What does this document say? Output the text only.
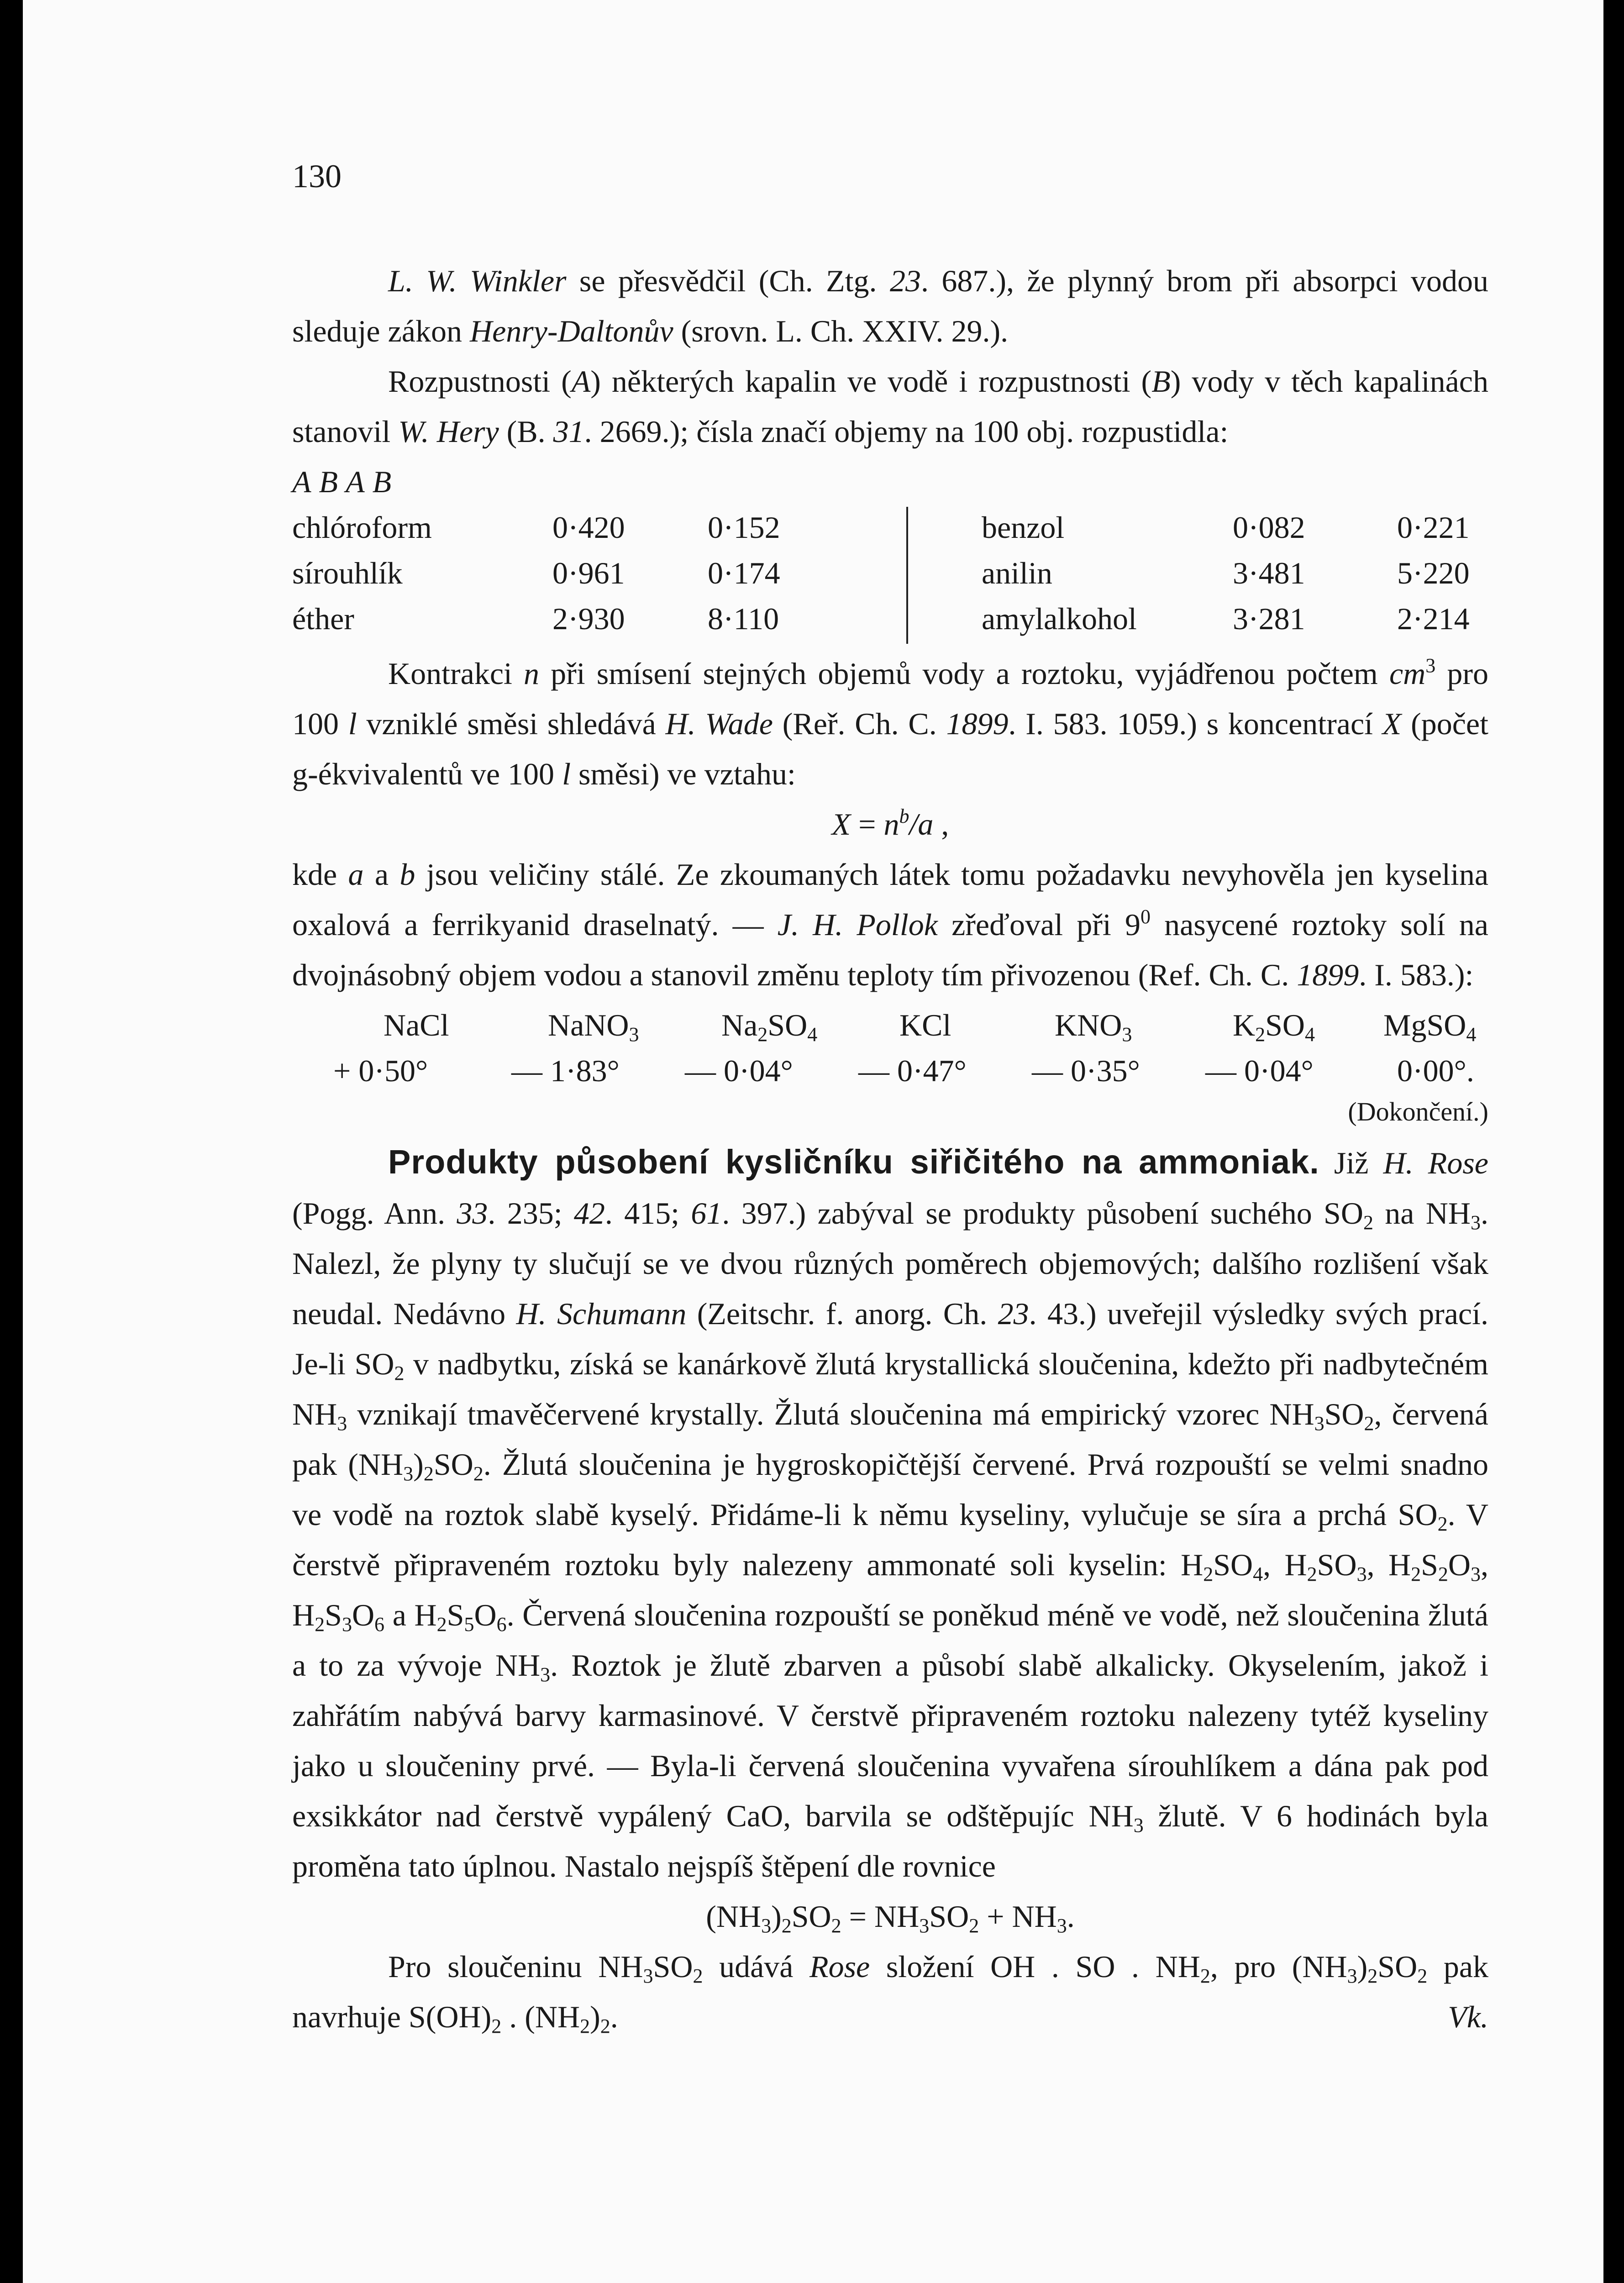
130

L. W. Winkler se přesvědčil (Ch. Ztg. 23. 687.), že plynný brom při absorpci vodou sleduje zákon Henry-Daltonův (srovn. L. Ch. XXIV. 29.).

Rozpustnosti (A) některých kapalin ve vodě i rozpustnosti (B) vody v těch kapalinách stanovil W. Hery (B. 31. 2669.); čísla značí objemy na 100 obj. rozpustidla:

A B A B
chlóroform	0·420	0·152	benzol	0·082	0·221
sírouhlík	0·961	0·174	anilin	3·481	5·220
éther	2·930	8·110	amylalkohol	3·281	2·214

Kontrakci n při smísení stejných objemů vody a roztoku, vyjádřenou počtem $cm^3$ pro 100 l vzniklé směsi shledává H. Wade (Reř. Ch. C. 1899. I. 583. 1059.) s koncentrací X (počet g-ékvivalentů ve 100 l směsi) ve vztahu:

$X = n^b/a$ ,

kde a a b jsou veličiny stálé. Ze zkoumaných látek tomu požadavku nevyhověla jen kyselina oxalová a ferrikyanid draselnatý. — J. H. Pollok zřeďoval při $9^0$ nasycené roztoky solí na dvojnásobný objem vodou a stanovil změnu teploty tím přivozenou (Ref. Ch. C. 1899. I. 583.):

NaCl	NaNO$_3$	$Na_2SO_4$	KCl	$KNO_3$	$K_2SO_4$ MgSO$_4$
+ 0·50°	— 1·83° — 0·04° — 0·47° — 0·35° — 0·04°	0·00°.

(Dokončení.)

Produkty působení kysličníku siřičitého na ammoniak. Již H. Rose (Pogg. Ann. 33. 235; 42. 415; 61. 397.) zabýval se produkty působení suchého $SO_2$ na $NH_3$. Nalezl, že plyny ty slučují se ve dvou různých poměrech objemových; dalšího rozlišení však neudal. Nedávno H. Schumann (Zeitschr. f. anorg. Ch. 23. 43.) uveřejil výsledky svých prací. Je-li $SO_2$ v nadbytku, získá se kanárkově žlutá krystallická sloučenina, kdežto při nadbytečném $NH_3$ vznikají tmavěčervené krystally. Žlutá sloučenina má empirický vzorec $NH_3SO_2$, červená pak $(NH_3)_2SO_2$. Žlutá sloučenina je hygroskopičtější červené. Prvá rozpouští se velmi snadno ve vodě na roztok slabě kyselý. Přidáme-li k němu kyseliny, vylučuje se síra a prchá $SO_2$. V čerstvě připraveném roztoku byly nalezeny ammonaté soli kyselin: $H_2SO_4$, $H_2SO_3$, $H_2S_2O_3$, $H_2S_3O_6$ a $H_2S_5O_6$. Červená sloučenina rozpouští se poněkud méně ve vodě, než sloučenina žlutá a to za vývoje $NH_3$. Roztok je žlutě zbarven a působí slabě alkalicky. Okyselením, jakož i zahřátím nabývá barvy karmasinové. V čerstvě připraveném roztoku nalezeny tytéž kyseliny jako u sloučeniny prvé. — Byla-li červená sloučenina vyvařena sírouhlíkem a dána pak pod exsikkátor nad čerstvě vypálený CaO, barvila se odštěpujíc $NH_3$ žlutě. V 6 hodinách byla proměna tato úplnou. Nastalo nejspíš štěpení dle rovnice

$(NH_3)_2SO_2 = NH_3SO_2 + NH_3$.

Pro sloučeninu $NH_3SO_2$ udává Rose složení OH . SO . $NH_2$, pro $(NH_3)_2SO_2$ pak navrhuje $S(OH)_2$ . $(NH_2)_2$.	Vk.
